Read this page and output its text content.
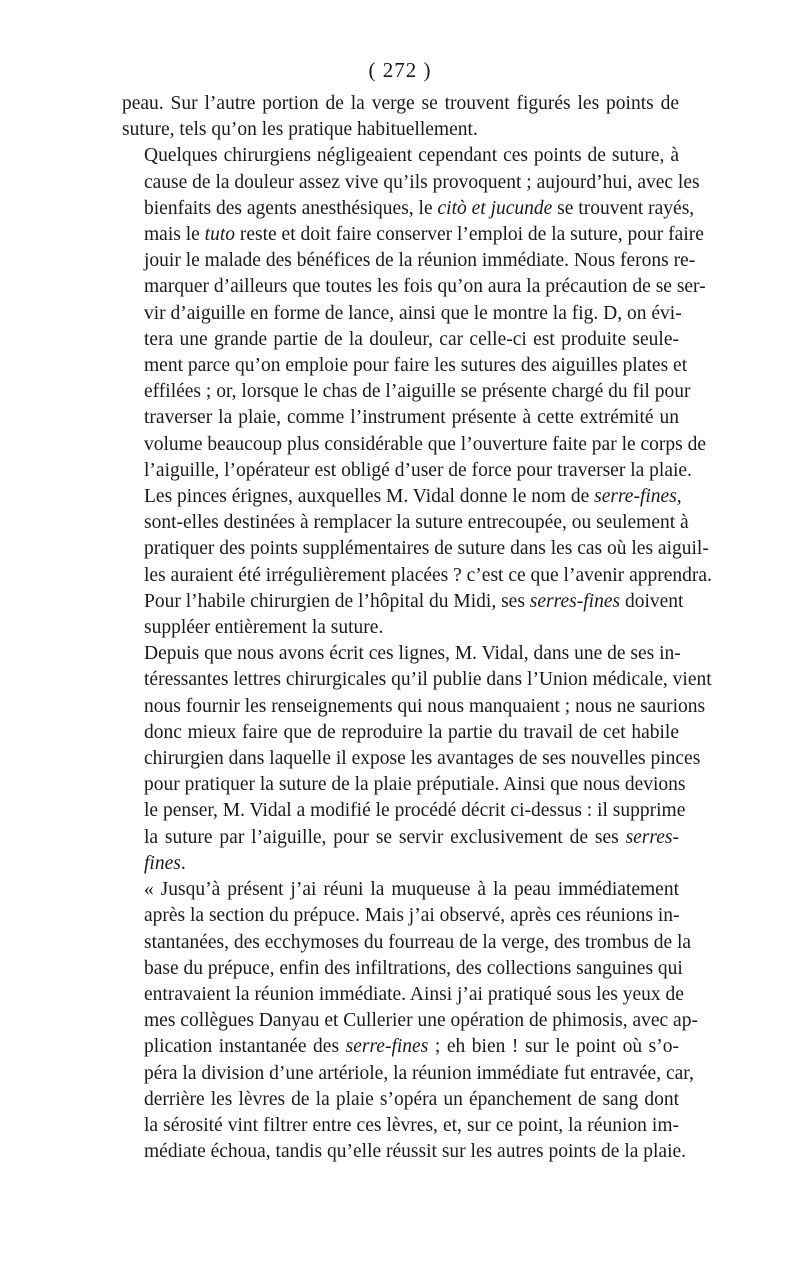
( 272 )
peau. Sur l’autre portion de la verge se trouvent figurés les points de
suture, tels qu’on les pratique habituellement.
Quelques chirurgiens négligeaient cependant ces points de suture, à
cause de la douleur assez vive qu’ils provoquent ; aujourd’hui, avec les
bienfaits des agents anesthésiques, le citò et jucunde se trouvent rayés,
mais le tuto reste et doit faire conserver l’emploi de la suture, pour faire
jouir le malade des bénéfices de la réunion immédiate. Nous ferons re-
marquer d’ailleurs que toutes les fois qu’on aura la précaution de se ser-
vir d’aiguille en forme de lance, ainsi que le montre la fig. D, on évi-
tera une grande partie de la douleur, car celle-ci est produite seule-
ment parce qu’on emploie pour faire les sutures des aiguilles plates et
effilées ; or, lorsque le chas de l’aiguille se présente chargé du fil pour
traverser la plaie, comme l’instrument présente à cette extrémité un
volume beaucoup plus considérable que l’ouverture faite par le corps de
l’aiguille, l’opérateur est obligé d’user de force pour traverser la plaie.
Les pinces érignes, auxquelles M. Vidal donne le nom de serre-fines,
sont-elles destinées à remplacer la suture entrecoupée, ou seulement à
pratiquer des points supplémentaires de suture dans les cas où les aiguil-
les auraient été irrégulièrement placées ? c’est ce que l’avenir apprendra.
Pour l’habile chirurgien de l’hôpital du Midi, ses serres-fines doivent
suppléer entièrement la suture.
Depuis que nous avons écrit ces lignes, M. Vidal, dans une de ses in-
téressantes lettres chirurgicales qu’il publie dans l’Union médicale, vient
nous fournir les renseignements qui nous manquaient ; nous ne saurions
donc mieux faire que de reproduire la partie du travail de cet habile
chirurgien dans laquelle il expose les avantages de ses nouvelles pinces
pour pratiquer la suture de la plaie préputiale. Ainsi que nous devions
le penser, M. Vidal a modifié le procédé décrit ci-dessus : il supprime
la suture par l’aiguille, pour se servir exclusivement de ses serres-
fines.
« Jusqu’à présent j’ai réuni la muqueuse à la peau immédiatement
après la section du prépuce. Mais j’ai observé, après ces réunions in-
stantanées, des ecchymoses du fourreau de la verge, des trombus de la
base du prépuce, enfin des infiltrations, des collections sanguines qui
entravaient la réunion immédiate. Ainsi j’ai pratiqué sous les yeux de
mes collègues Danyau et Cullerier une opération de phimosis, avec ap-
plication instantanée des serre-fines ; eh bien ! sur le point où s’o-
péra la division d’une artériole, la réunion immédiate fut entravée, car,
derrière les lèvres de la plaie s’opéra un épanchement de sang dont
la sérosité vint filtrer entre ces lèvres, et, sur ce point, la réunion im-
médiate échoua, tandis qu’elle réussit sur les autres points de la plaie.
